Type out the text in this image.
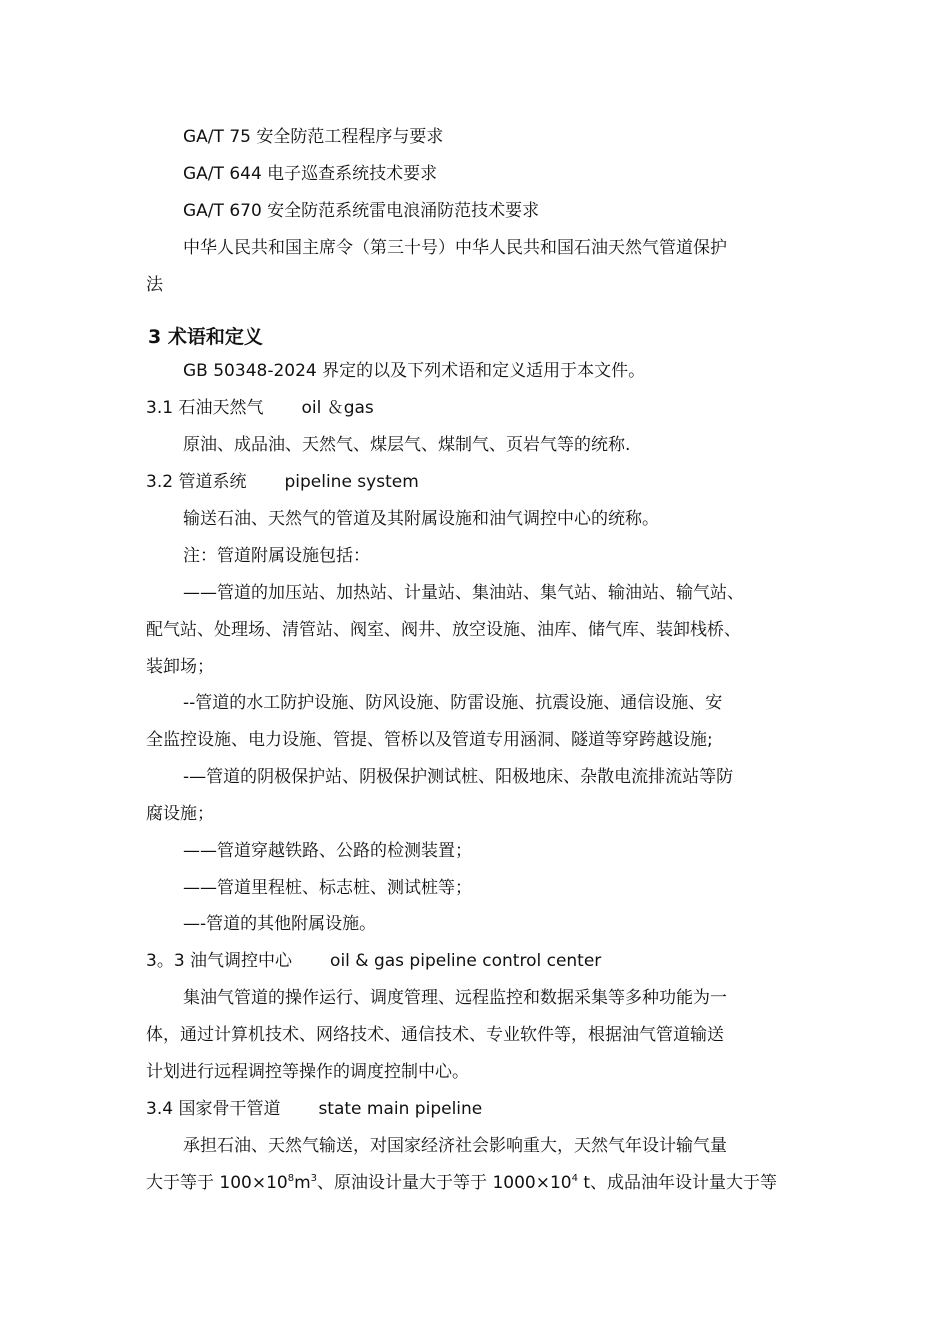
GA/T 75 安全防范工程程序与要求
GA/T 644 电子巡查系统技术要求
GA/T 670 安全防范系统雷电浪涌防范技术要求
中华人民共和国主席令（第三十号）中华人民共和国石油天然气管道保护
法
3 术语和定义
GB 50348-2024 界定的以及下列术语和定义适用于本文件。
3.1 石油天然气 oil ＆gas
原油、成品油、天然气、煤层气、煤制气、页岩气等的统称.
3.2 管道系统 pipeline system
输送石油、天然气的管道及其附属设施和油气调控中心的统称。
注：管道附属设施包括：
——管道的加压站、加热站、计量站、集油站、集气站、输油站、输气站、
配气站、处理场、清管站、阀室、阀井、放空设施、油库、储气库、装卸栈桥、
装卸场；
--管道的水工防护设施、防风设施、防雷设施、抗震设施、通信设施、安
全监控设施、电力设施、管提、管桥以及管道专用涵洞、隧道等穿跨越设施;
-—管道的阴极保护站、阴极保护测试桩、阳极地床、杂散电流排流站等防
腐设施；
——管道穿越铁路、公路的检测装置；
——管道里程桩、标志桩、测试桩等；
—-管道的其他附属设施。
3。3 油气调控中心 oil & gas pipeline control center
集油气管道的操作运行、调度管理、远程监控和数据采集等多种功能为一
体，通过计算机技术、网络技术、通信技术、专业软件等，根据油气管道输送
计划进行远程调控等操作的调度控制中心。
3.4 国家骨干管道 state main pipeline
承担石油、天然气输送，对国家经济社会影响重大，天然气年设计输气量
大于等于 $100\times 10^8m^3$、原油设计量大于等于 $1000\times 10^4$ t、成品油年设计量大于等
